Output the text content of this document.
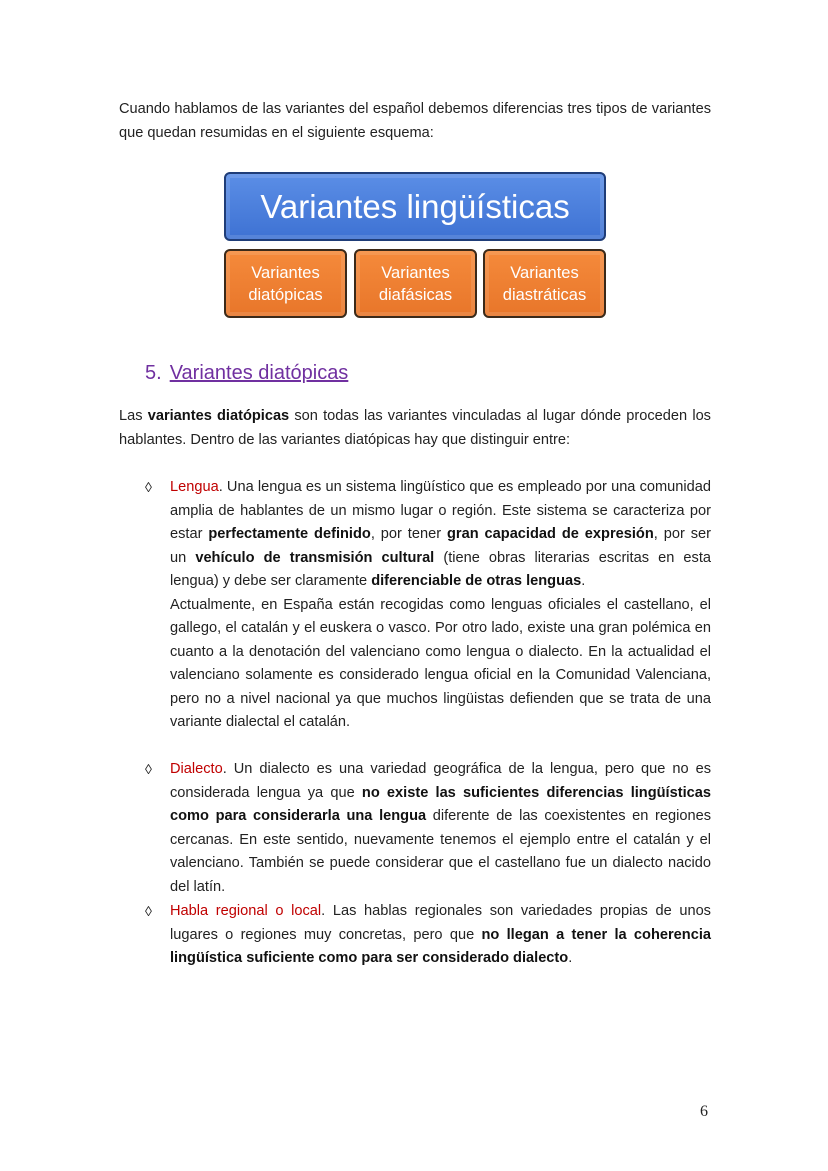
Cuando hablamos de las variantes del español debemos diferencias tres tipos de variantes que quedan resumidas en el siguiente esquema:

Variantes lingüísticas
Variantes
diatópicas
Variantes
diafásicas
Variantes
diastráticas
5. Variantes diatópicas

Las variantes diatópicas son todas las variantes vinculadas al lugar dónde proceden los hablantes. Dentro de las variantes diatópicas hay que distinguir entre:

◊	Lengua. Una lengua es un sistema lingüístico que es empleado por una comunidad amplia de hablantes de un mismo lugar o región. Este sistema se caracteriza por estar perfectamente definido, por tener gran capacidad de expresión, por ser un vehículo de transmisión cultural (tiene obras literarias escritas en esta lengua) y debe ser claramente diferenciable de otras lenguas.

Actualmente, en España están recogidas como lenguas oficiales el castellano, el gallego, el catalán y el euskera o vasco. Por otro lado, existe una gran polémica en cuanto a la denotación del valenciano como lengua o dialecto. En la actualidad el valenciano solamente es considerado lengua oficial en la Comunidad Valenciana, pero no a nivel nacional ya que muchos lingüistas defienden que se trata de una variante dialectal el catalán.

◊	Dialecto. Un dialecto es una variedad geográfica de la lengua, pero que no es considerada lengua ya que no existe las suficientes diferencias lingüísticas como para considerarla una lengua diferente de las coexistentes en regiones cercanas. En este sentido, nuevamente tenemos el ejemplo entre el catalán y el valenciano. También se puede considerar que el castellano fue un dialecto nacido del latín.

◊	Habla regional o local. Las hablas regionales son variedades propias de unos lugares o regiones muy concretas, pero que no llegan a tener la coherencia lingüística suficiente como para ser considerado dialecto.

6
